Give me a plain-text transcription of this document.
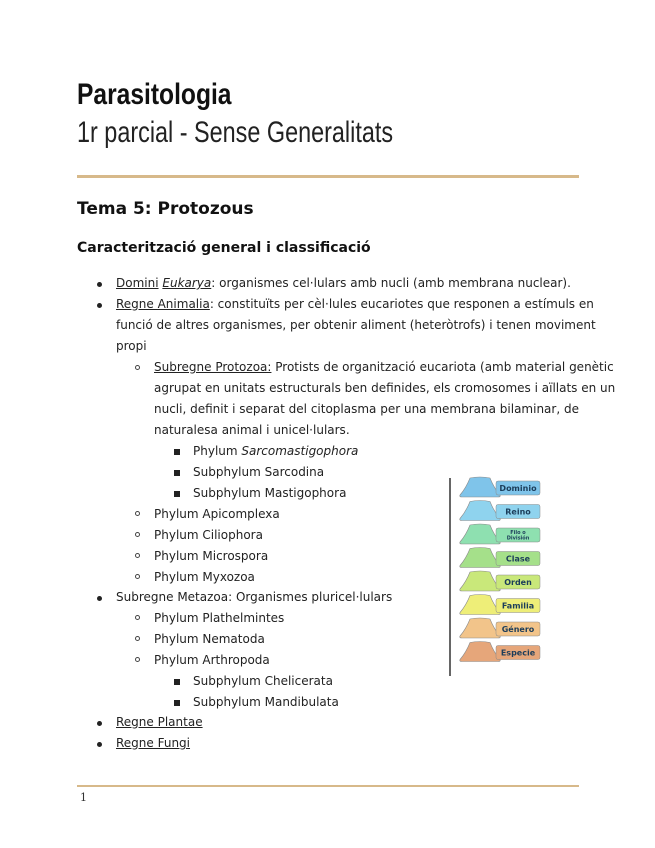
Parasitologia
1r parcial - Sense Generalitats
Tema 5: Protozous
Caracterització general i classificació
Domini Eukarya: organismes cel·lulars amb nucli (amb membrana nuclear).
Regne Animalia: constituïts per cèl·lules eucariotes que responen a estímuls en
funció de altres organismes, per obtenir aliment (heteròtrofs) i tenen moviment
propi
Subregne Protozoa: Protists de organització eucariota (amb material genètic
agrupat en unitats estructurals ben definides, els cromosomes i aïllats en un
nucli, definit i separat del citoplasma per una membrana bilaminar, de
naturalesa animal i unicel·lulars.
Phylum Sarcomastigophora
Subphylum Sarcodina
Subphylum Mastigophora
Phylum Apicomplexa
Phylum Ciliophora
Phylum Microspora
Phylum Myxozoa
Subregne Metazoa: Organismes pluricel·lulars
Phylum Plathelmintes
Phylum Nematoda
Phylum Arthropoda
Subphylum Chelicerata
Subphylum Mandibulata
Regne Plantae
Regne Fungi
Dominio
Reino
Filo o División
Clase
Orden
Familia
Género
Especie
1
